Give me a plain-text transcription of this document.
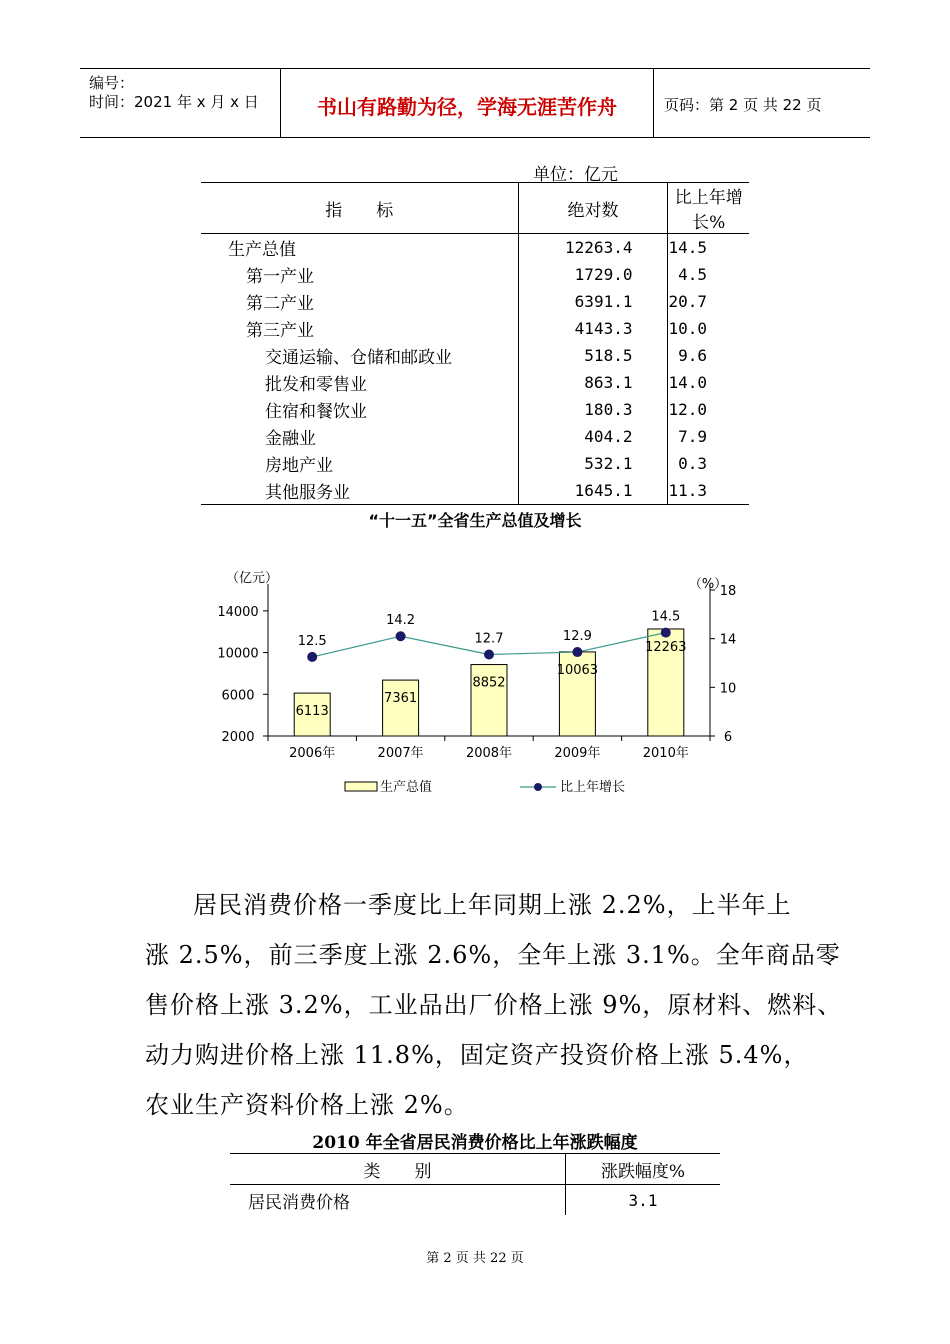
编号：
时间：2021 年 x 月 x 日	书山有路勤为径，学海无涯苦作舟	页码：第 2 页 共 22 页
单位：亿元
指　　标	绝对数	比上年增长%
生产总值	12263.4	14.5
第一产业	1729.0	4.5
第二产业	6391.1	20.7
第三产业	4143.3	10.0
交通运输、仓储和邮政业	518.5	9.6
批发和零售业	863.1	14.0
住宿和餐饮业	180.3	12.0
金融业	404.2	7.9
房地产业	532.1	0.3
其他服务业	1645.1	11.3
“十一五”全省生产总值及增长
2000
6000
10000
14000
6
10
14
18
（亿元）	（%）
2006年	2007年	2008年	2009年	2010年
6113
7361
8852
10063
12263
12.5
14.2
12.7	12.9
14.5
生产总值	比上年增长
居民消费价格一季度比上年同期上涨 2.2%，上半年上
涨 2.5%，前三季度上涨 2.6%，全年上涨 3.1%。全年商品零
售价格上涨 3.2%，工业品出厂价格上涨 9%，原材料、燃料、
动力购进价格上涨 11.8%，固定资产投资价格上涨 5.4%，
农业生产资料价格上涨 2%。
2010 年全省居民消费价格比上年涨跌幅度
类　　别	涨跌幅度%
居民消费价格	3.1
第 2 页 共 22 页
